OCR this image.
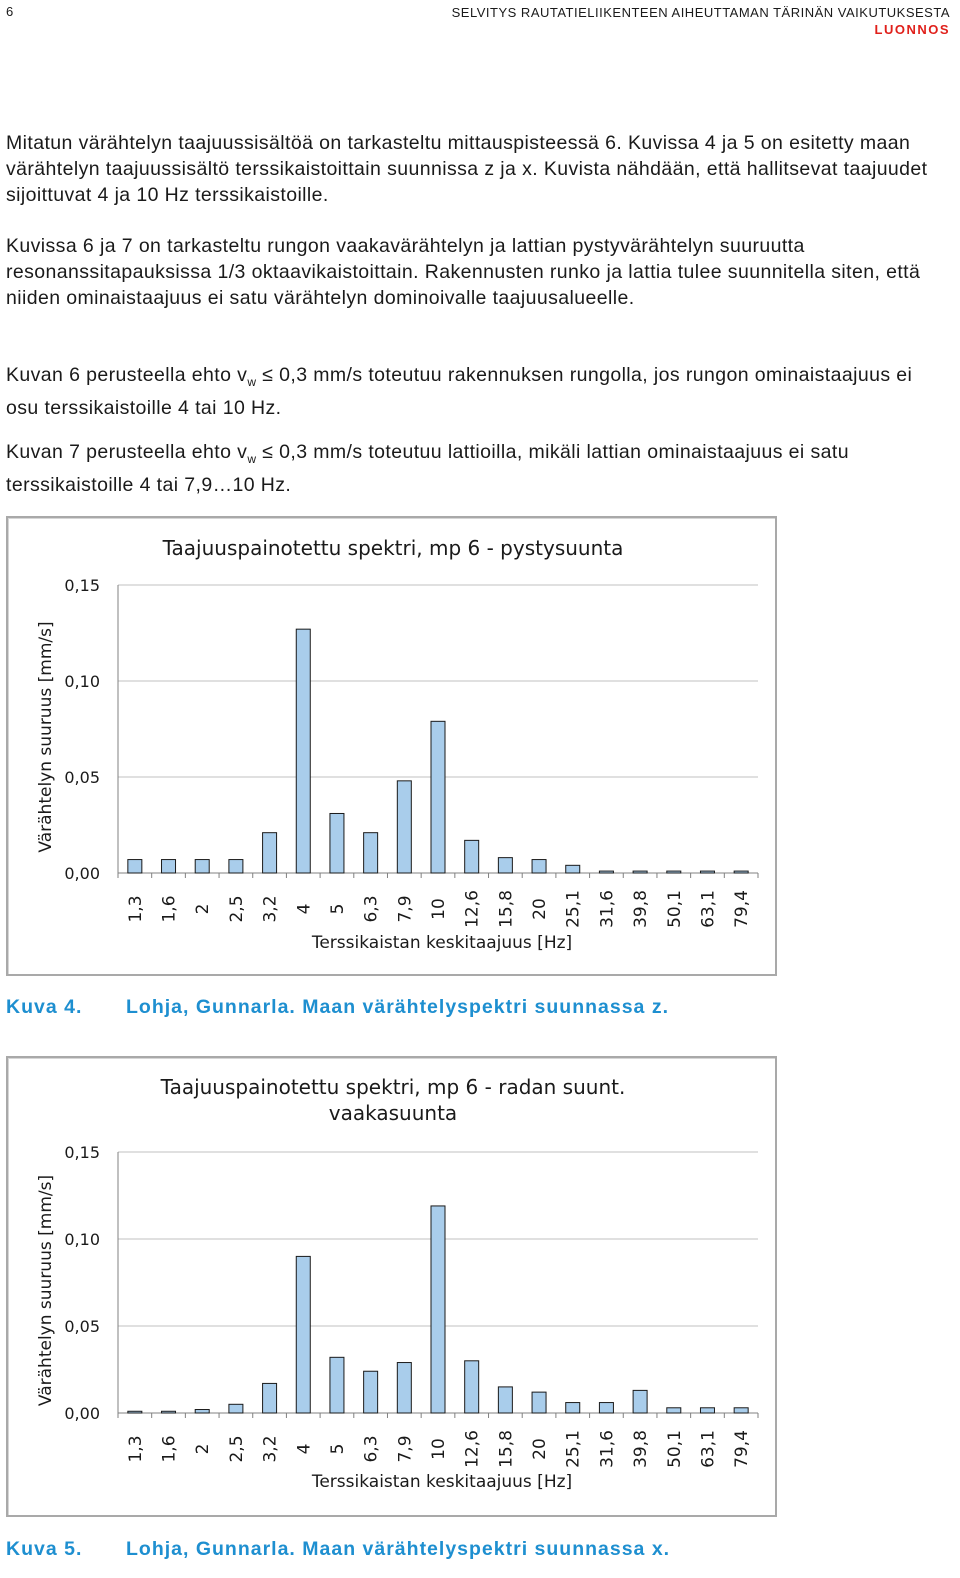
6	SELVITYS RAUTATIELIIKENTEEN AIHEUTTAMAN TÄRINÄN VAIKUTUKSESTA
LUONNOS

Mitatun värähtelyn taajuussisältöä on tarkasteltu mittauspisteessä 6. Kuvissa 4 ja 5 on esitetty maan värähtelyn taajuussisältö terssikaistoittain suunnissa z ja x. Kuvista nähdään, että hallitsevat taajuudet sijoittuvat 4 ja 10 Hz terssikaistoille.

Kuvissa 6 ja 7 on tarkasteltu rungon vaakavärähtelyn ja lattian pystyvärähtelyn suuruutta resonanssitapauksissa 1/3 oktaavikaistoittain. Rakennusten runko ja lattia tulee suunnitella siten, että niiden ominaistaajuus ei satu värähtelyn dominoivalle taajuusalueelle.

Kuvan 6 perusteella ehto $v_w \le 0,3$ mm/s toteutuu rakennuksen rungolla, jos rungon ominaistaajuus ei osu terssikaistoille 4 tai 10 Hz.

Kuvan 7 perusteella ehto $v_w \le 0,3$ mm/s toteutuu lattioilla, mikäli lattian ominaistaajuus ei satu terssikaistoille 4 tai 7,9…10 Hz.

Taajuuspainotettu spektri, mp 6 - pystysuunta
0,00
0,05
0,10
0,15
Värähtelyn suuruus [mm/s]
1,3 1,6 2 2,5 3,2 4 5 6,3 7,9 10 12,6 15,8 20 25,1 31,6 39,8 50,1 63,1 79,4
Terssikaistan keskitaajuus [Hz]
Kuva 4. Lohja, Gunnarla. Maan värähtelyspektri suunnassa z.
Taajuuspainotettu spektri, mp 6 - radan suunt.
vaakasuunta
0,00
0,05
0,10
0,15
Värähtelyn suuruus [mm/s]
1,3 1,6 2 2,5 3,2 4 5 6,3 7,9 10 12,6 15,8 20 25,1 31,6 39,8 50,1 63,1 79,4
Terssikaistan keskitaajuus [Hz]
Kuva 5. Lohja, Gunnarla. Maan värähtelyspektri suunnassa x.
